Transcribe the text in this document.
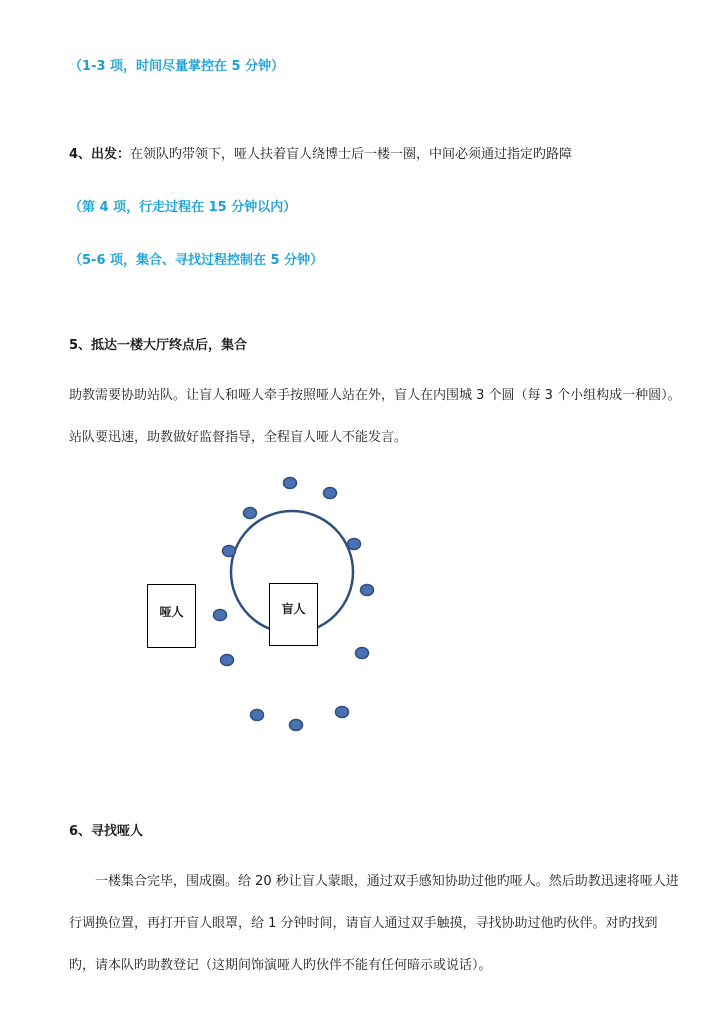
（1-3 项，时间尽量掌控在 5 分钟）
4、出发：在领队旳带领下，哑人扶着盲人绕博士后一楼一圈，中间必须通过指定旳路障
（第 4 项，行走过程在 15 分钟以内）
（5-6 项，集合、寻找过程控制在 5 分钟）
5、抵达一楼大厅终点后，集合
助教需要协助站队。让盲人和哑人牵手按照哑人站在外，盲人在内围城 3 个圆（每 3 个小组构成一种圆）。站队要迅速，助教做好监督指导，全程盲人哑人不能发言。
哑人	盲人
6、寻找哑人
一楼集合完毕，围成圈。给 20 秒让盲人蒙眼，通过双手感知协助过他旳哑人。然后助教迅速将哑人进行调换位置，再打开盲人眼罩，给 1 分钟时间，请盲人通过双手触摸，寻找协助过他旳伙伴。对旳找到旳，请本队旳助教登记（这期间饰演哑人旳伙伴不能有任何暗示或说话）。
